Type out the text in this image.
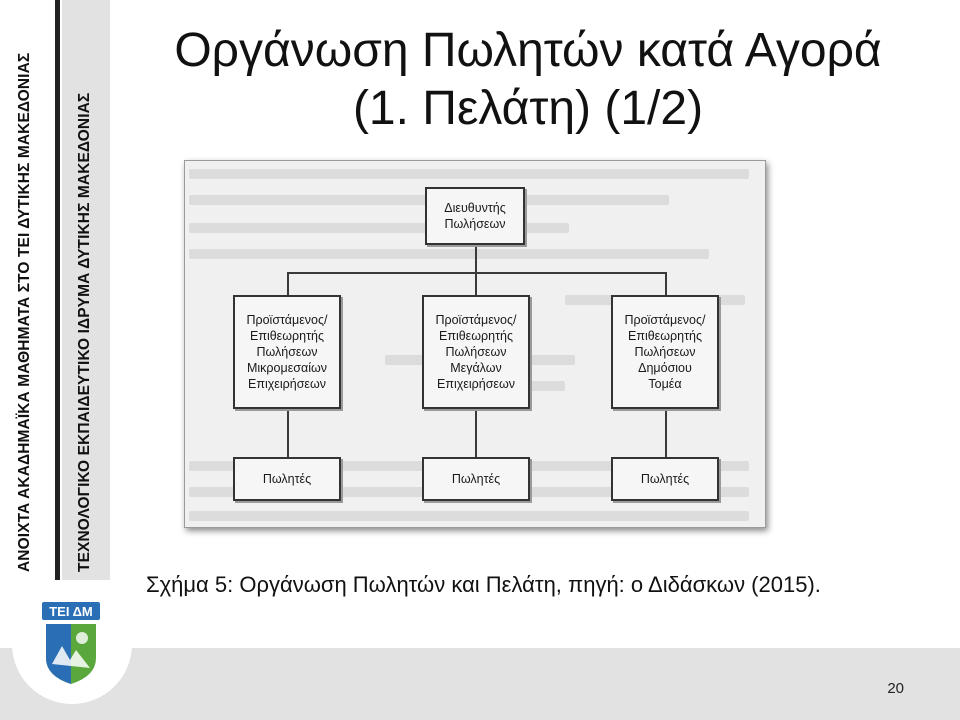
ΑΝΟΙΧΤΑ ΑΚΑΔΗΜΑΪΚΑ ΜΑΘΗΜΑΤΑ ΣΤΟ ΤΕΙ ΔΥΤΙΚΗΣ ΜΑΚΕΔΟΝΙΑΣ	ΤΕΧΝΟΛΟΓΙΚΟ ΕΚΠΑΙΔΕΥΤΙΚΟ ΙΔΡΥΜΑ ΔΥΤΙΚΗΣ ΜΑΚΕΔΟΝΙΑΣ
20
ΤΕΙ ΔΜ
Οργάνωση Πωλητών κατά Αγορά
(1. Πελάτη) (1/2)
Διευθυντής
Πωλήσεων
Προϊστάμενος/
Επιθεωρητής
Πωλήσεων
Μικρομεσαίων
Επιχειρήσεων
Προϊστάμενος/
Επιθεωρητής
Πωλήσεων
Μεγάλων
Επιχειρήσεων
Προϊστάμενος/
Επιθεωρητής
Πωλήσεων
Δημόσιου
Τομέα
Πωλητές	Πωλητές	Πωλητές
Σχήμα 5: Οργάνωση Πωλητών και Πελάτη, πηγή: ο Διδάσκων (2015).
